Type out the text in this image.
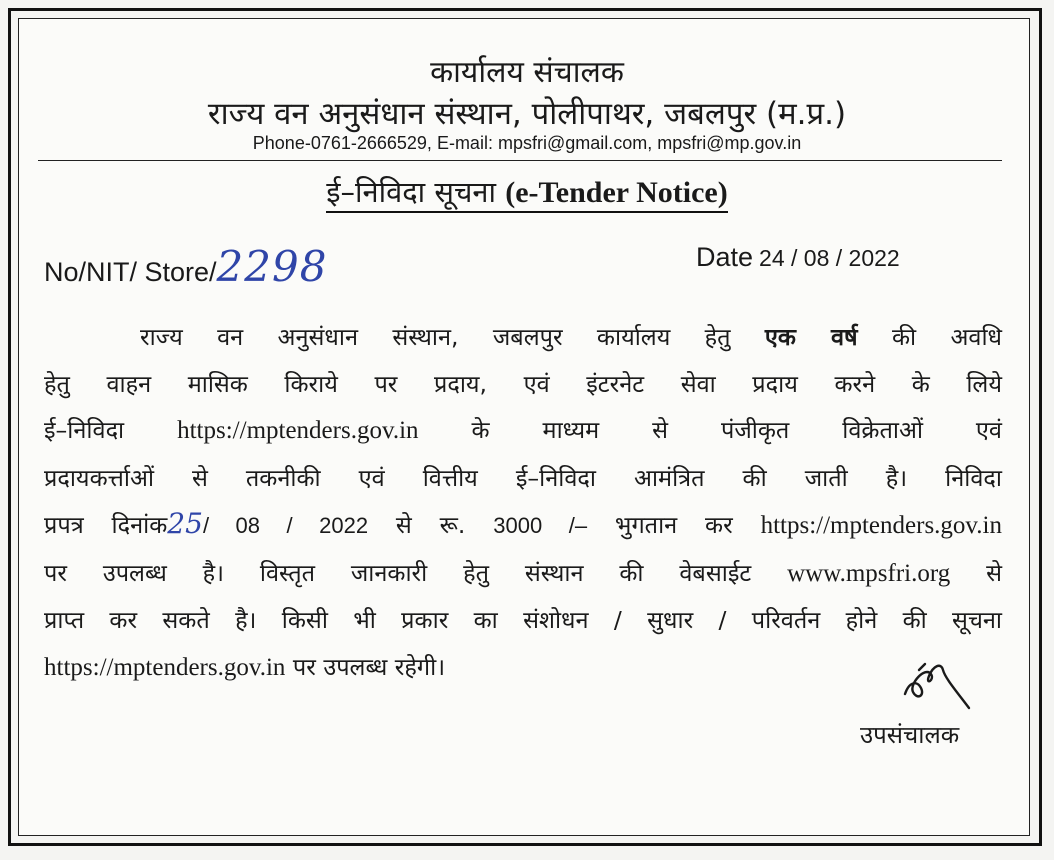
कार्यालय संचालक
राज्य वन अनुसंधान संस्थान, पोलीपाथर, जबलपुर (म.प्र.)
Phone-0761-2666529, E-mail: mpsfri@gmail.com, mpsfri@mp.gov.in
ई–निविदा सूचना (e-Tender Notice)
No/NIT/ Store/2298	Date 24 / 08 / 2022
राज्य वन अनुसंधान संस्थान, जबलपुर कार्यालय हेतु एक वर्ष की अवधि
हेतु वाहन मासिक किराये पर प्रदाय, एवं इंटरनेट सेवा प्रदाय करने के लिये
ई–निविदा https://mptenders.gov.in के माध्यम से पंजीकृत विक्रेताओं एवं
प्रदायकर्त्ताओं से तकनीकी एवं वित्तीय ई–निविदा आमंत्रित की जाती है। निविदा
प्रपत्र दिनांक25/ 08 / 2022 से रू. 3000 /– भुगतान कर https://mptenders.gov.in
पर उपलब्ध है। विस्तृत जानकारी हेतु संस्थान की वेबसाईट www.mpsfri.org से
प्राप्त कर सकते है। किसी भी प्रकार का संशोधन / सुधार / परिवर्तन होने की सूचना
https://mptenders.gov.in पर उपलब्ध रहेगी।
उपसंचालक
